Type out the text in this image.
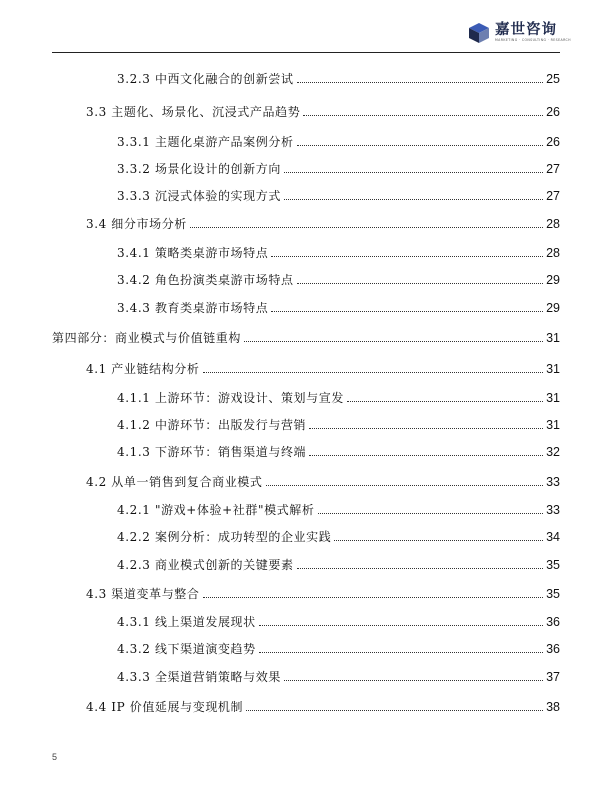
嘉世咨询
MARKETING · CONSULTING · RESEARCH
3.2.3 中西文化融合的创新尝试	25
3.3 主题化、场景化、沉浸式产品趋势	26
3.3.1 主题化桌游产品案例分析	26
3.3.2 场景化设计的创新方向	27
3.3.3 沉浸式体验的实现方式	27
3.4 细分市场分析	28
3.4.1 策略类桌游市场特点	28
3.4.2 角色扮演类桌游市场特点	29
3.4.3 教育类桌游市场特点	29
第四部分：商业模式与价值链重构	31
4.1 产业链结构分析	31
4.1.1 上游环节：游戏设计、策划与宣发	31
4.1.2 中游环节：出版发行与营销	31
4.1.3 下游环节：销售渠道与终端	32
4.2 从单一销售到复合商业模式	33
4.2.1 "游戏+体验+社群"模式解析	33
4.2.2 案例分析：成功转型的企业实践	34
4.2.3 商业模式创新的关键要素	35
4.3 渠道变革与整合	35
4.3.1 线上渠道发展现状	36
4.3.2 线下渠道演变趋势	36
4.3.3 全渠道营销策略与效果	37
4.4 IP 价值延展与变现机制	38
5
